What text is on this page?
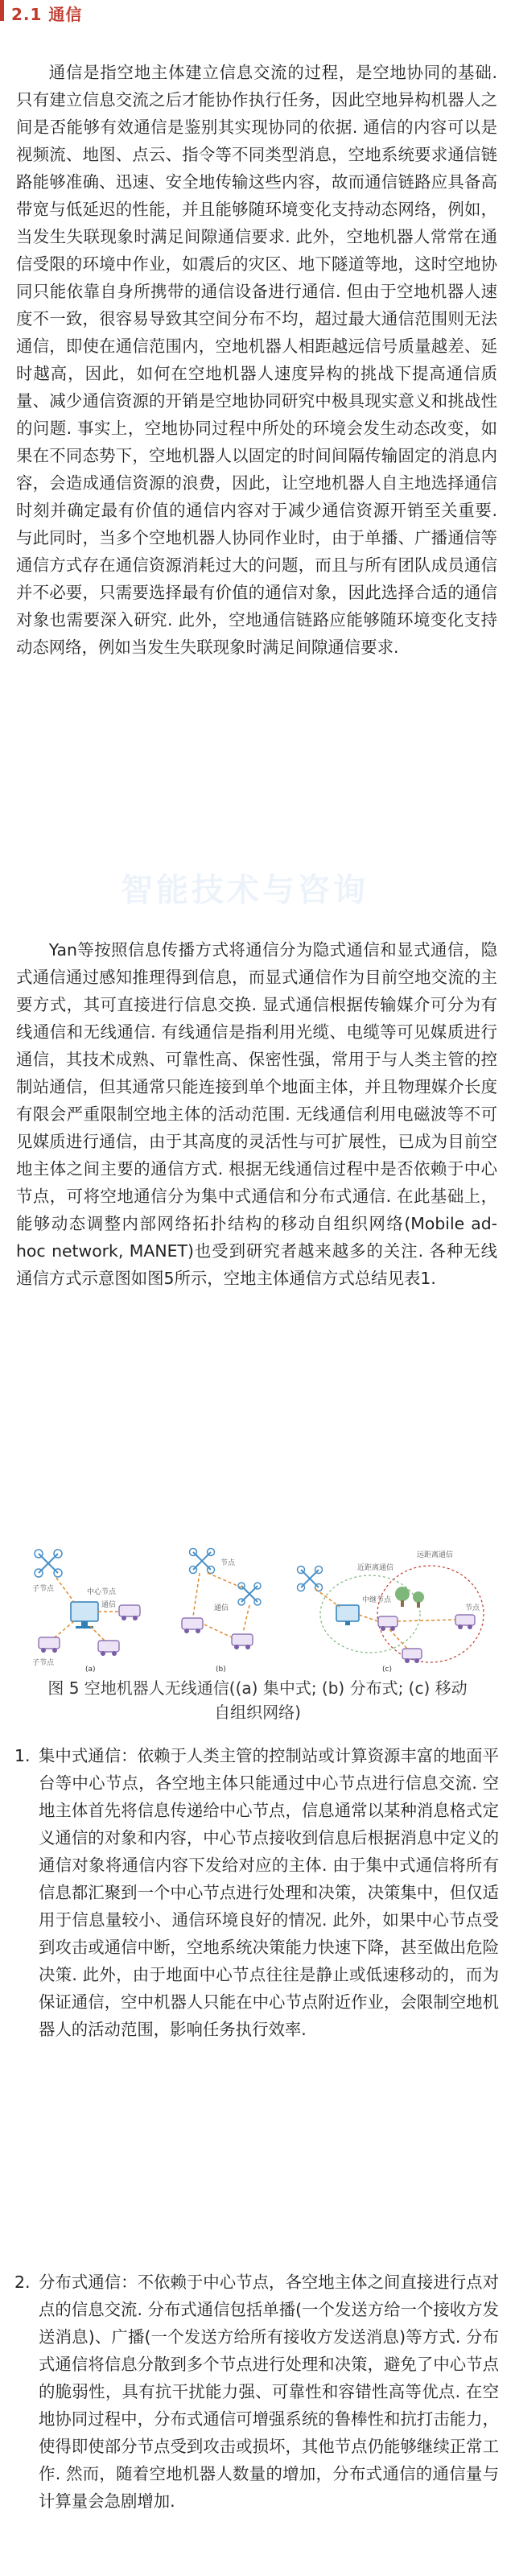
2.1 通信

通信是指空地主体建立信息交流的过程，是空地协同的基础. 只有建立信息交流之后才能协作执行任务，因此空地异构机器人之间是否能够有效通信是鉴别其实现协同的依据. 通信的内容可以是视频流、地图、点云、指令等不同类型消息，空地系统要求通信链路能够准确、迅速、安全地传输这些内容，故而通信链路应具备高带宽与低延迟的性能，并且能够随环境变化支持动态网络，例如，当发生失联现象时满足间隙通信要求. 此外，空地机器人常常在通信受限的环境中作业，如震后的灾区、地下隧道等地，这时空地协同只能依靠自身所携带的通信设备进行通信. 但由于空地机器人速度不一致，很容易导致其空间分布不均，超过最大通信范围则无法通信，即使在通信范围内，空地机器人相距越远信号质量越差、延时越高，因此，如何在空地机器人速度异构的挑战下提高通信质量、减少通信资源的开销是空地协同研究中极具现实意义和挑战性的问题. 事实上，空地协同过程中所处的环境会发生动态改变，如果在不同态势下，空地机器人以固定的时间间隔传输固定的消息内容，会造成通信资源的浪费，因此，让空地机器人自主地选择通信时刻并确定最有价值的通信内容对于减少通信资源开销至关重要. 与此同时，当多个空地机器人协同作业时，由于单播、广播通信等通信方式存在通信资源消耗过大的问题，而且与所有团队成员通信并不必要，只需要选择最有价值的通信对象，因此选择合适的通信对象也需要深入研究. 此外，空地通信链路应能够随环境变化支持动态网络，例如当发生失联现象时满足间隙通信要求.

智能技术与咨询

Yan等按照信息传播方式将通信分为隐式通信和显式通信，隐式通信通过感知推理得到信息，而显式通信作为目前空地交流的主要方式，其可直接进行信息交换. 显式通信根据传输媒介可分为有线通信和无线通信. 有线通信是指利用光缆、电缆等可见媒质进行通信，其技术成熟、可靠性高、保密性强，常用于与人类主管的控制站通信，但其通常只能连接到单个地面主体，并且物理媒介长度有限会严重限制空地主体的活动范围. 无线通信利用电磁波等不可见媒质进行通信，由于其高度的灵活性与可扩展性，已成为目前空地主体之间主要的通信方式. 根据无线通信过程中是否依赖于中心节点，可将空地通信分为集中式通信和分布式通信. 在此基础上，能够动态调整内部网络拓扑结构的移动自组织网络(Mobile ad-hoc network, MANET)也受到研究者越来越多的关注. 各种无线通信方式示意图如图5所示，空地主体通信方式总结见表1.

子节点	中心节点
通信
子节点
(a)
通信
节点
(b)
远距离通信
近距离通信
中继节点
节点
(c)
图 5 空地机器人无线通信((a) 集中式; (b) 分布式; (c) 移动自组织网络)
1. 集中式通信：依赖于人类主管的控制站或计算资源丰富的地面平台等中心节点，各空地主体只能通过中心节点进行信息交流. 空地主体首先将信息传递给中心节点，信息通常以某种消息格式定义通信的对象和内容，中心节点接收到信息后根据消息中定义的通信对象将通信内容下发给对应的主体. 由于集中式通信将所有信息都汇聚到一个中心节点进行处理和决策，决策集中，但仅适用于信息量较小、通信环境良好的情况. 此外，如果中心节点受到攻击或通信中断，空地系统决策能力快速下降，甚至做出危险决策. 此外，由于地面中心节点往往是静止或低速移动的，而为保证通信，空中机器人只能在中心节点附近作业，会限制空地机器人的活动范围，影响任务执行效率.
2. 分布式通信：不依赖于中心节点，各空地主体之间直接进行点对点的信息交流. 分布式通信包括单播(一个发送方给一个接收方发送消息)、广播(一个发送方给所有接收方发送消息)等方式. 分布式通信将信息分散到多个节点进行处理和决策，避免了中心节点的脆弱性，具有抗干扰能力强、可靠性和容错性高等优点. 在空地协同过程中，分布式通信可增强系统的鲁棒性和抗打击能力，使得即使部分节点受到攻击或损坏，其他节点仍能够继续正常工作. 然而，随着空地机器人数量的增加，分布式通信的通信量与计算量会急剧增加.
